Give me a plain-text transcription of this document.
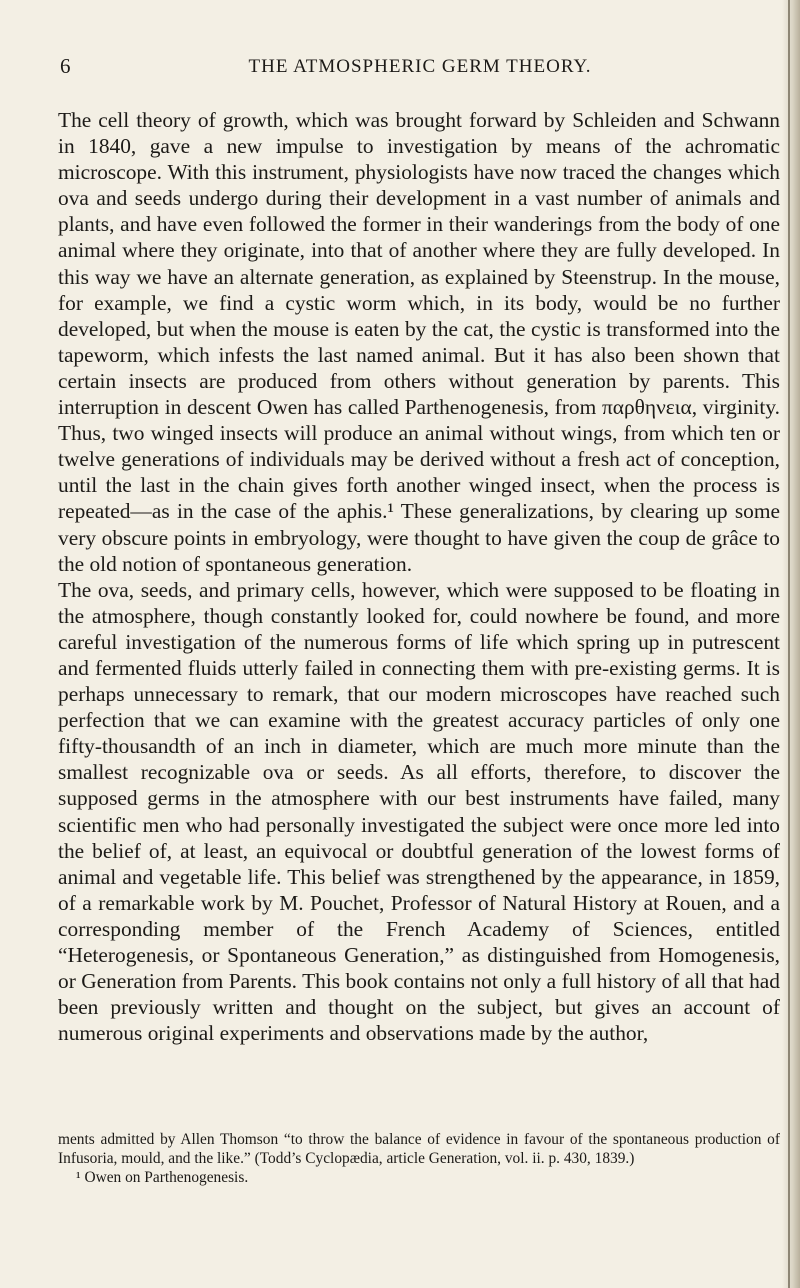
6	THE ATMOSPHERIC GERM THEORY.

The cell theory of growth, which was brought forward by Schleiden and Schwann in 1840, gave a new impulse to investigation by means of the achromatic microscope. With this instrument, physiologists have now traced the changes which ova and seeds undergo during their development in a vast number of animals and plants, and have even followed the former in their wanderings from the body of one animal where they originate, into that of another where they are fully developed. In this way we have an alternate generation, as explained by Steenstrup. In the mouse, for example, we find a cystic worm which, in its body, would be no further developed, but when the mouse is eaten by the cat, the cystic is transformed into the tapeworm, which infests the last named animal. But it has also been shown that certain insects are produced from others without generation by parents. This interruption in descent Owen has called Parthenogenesis, from παρθηνεια, virginity. Thus, two winged insects will produce an animal without wings, from which ten or twelve generations of individuals may be derived without a fresh act of conception, until the last in the chain gives forth another winged insect, when the process is repeated—as in the case of the aphis.¹ These generalizations, by clearing up some very obscure points in embryology, were thought to have given the coup de grâce to the old notion of spontaneous generation.

The ova, seeds, and primary cells, however, which were supposed to be floating in the atmosphere, though constantly looked for, could nowhere be found, and more careful investigation of the numerous forms of life which spring up in putrescent and fermented fluids utterly failed in connecting them with pre-existing germs. It is perhaps unnecessary to remark, that our modern microscopes have reached such perfection that we can examine with the greatest accuracy particles of only one fifty-thousandth of an inch in diameter, which are much more minute than the smallest recognizable ova or seeds. As all efforts, therefore, to discover the supposed germs in the atmosphere with our best instruments have failed, many scientific men who had personally investigated the subject were once more led into the belief of, at least, an equivocal or doubtful generation of the lowest forms of animal and vegetable life. This belief was strengthened by the appearance, in 1859, of a remarkable work by M. Pouchet, Professor of Natural History at Rouen, and a corresponding member of the French Academy of Sciences, entitled “Heterogenesis, or Spontaneous Generation,” as distinguished from Homogenesis, or Generation from Parents. This book contains not only a full history of all that had been previously written and thought on the subject, but gives an account of numerous original experiments and observations made by the author,

ments admitted by Allen Thomson “to throw the balance of evidence in favour of the spontaneous production of Infusoria, mould, and the like.” (Todd’s Cyclopædia, article Generation, vol. ii. p. 430, 1839.)

¹ Owen on Parthenogenesis.
